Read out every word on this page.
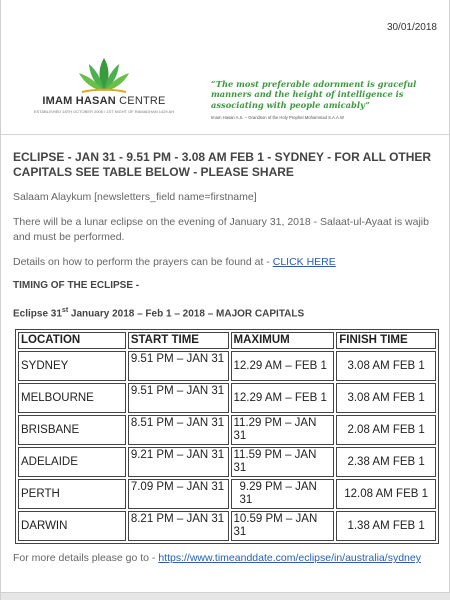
30/01/2018
IMAM HASAN CENTRE
ESTABLISHED 18TH OCTOBER 2008 / 1ST NIGHT OF RAMADHAN 1429 AH
“The most preferable adornment is graceful manners and the height of intelligence is associating with people amicably”
Imam Hasan A.S. – Grandson of the Holy Prophet Mohammad S.A.A.W
ECLIPSE - JAN 31 - 9.51 PM - 3.08 AM FEB 1 - SYDNEY - FOR ALL OTHER CAPITALS SEE TABLE BELOW - PLEASE SHARE
Salaam Alaykum [newsletters_field name=firstname]
There will be a lunar eclipse on the evening of January 31, 2018 - Salaat-ul-Ayaat is wajib and must be performed.
Details on how to perform the prayers can be found at - CLICK HERE
TIMING OF THE ECLIPSE -
Eclipse 31st January 2018 – Feb 1 – 2018 – MAJOR CAPITALS
LOCATION	START TIME	MAXIMUM	FINISH TIME
SYDNEY	9.51 PM – JAN 31	12.29 AM – FEB 1	3.08 AM FEB 1
MELBOURNE	9.51 PM – JAN 31	12.29 AM – FEB 1	3.08 AM FEB 1
BRISBANE	8.51 PM – JAN 31	11.29 PM – JAN 31	2.08 AM FEB 1
ADELAIDE	9.21 PM – JAN 31	11.59 PM – JAN 31	2.38 AM FEB 1
PERTH	7.09 PM – JAN 31	9.29 PM – JAN 31	12.08 AM FEB 1
DARWIN	8.21 PM – JAN 31	10.59 PM – JAN 31	1.38 AM FEB 1
For more details please go to - https://www.timeanddate.com/eclipse/in/australia/sydney
